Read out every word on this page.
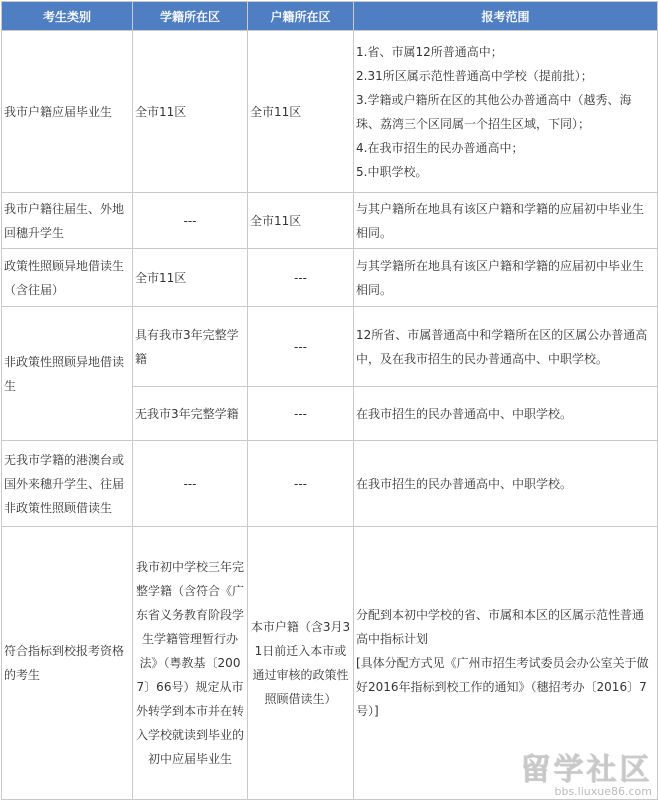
考生类别	学籍所在区	户籍所在区	报考范围
我市户籍应届毕业生	全市11区	全市11区	1.省、市属12所普通高中；
2.31所区属示范性普通高中学校（提前批）；
3.学籍或户籍所在区的其他公办普通高中（越秀、海珠、荔湾三个区同属一个招生区域，下同）；
4.在我市招生的民办普通高中；
5.中职学校。

我市户籍往届生、外地回穗升学生	---	全市11区	与其户籍所在地具有该区户籍和学籍的应届初中毕业生相同。
政策性照顾异地借读生（含往届）	全市11区	---	与其学籍所在地具有该区户籍和学籍的应届初中毕业生相同。
非政策性照顾异地借读生	具有我市3年完整学籍	---	12所省、市属普通高中和学籍所在区的区属公办普通高中，及在我市招生的民办普通高中、中职学校。
	无我市3年完整学籍	---	在我市招生的民办普通高中、中职学校。
无我市学籍的港澳台或国外来穗升学生、往届非政策性照顾借读生	---	---	在我市招生的民办普通高中、中职学校。
符合指标到校报考资格的考生	我市初中学校三年完整学籍（含符合《广东省义务教育阶段学生学籍管理暂行办法》（粤教基〔2007〕66号）规定从市外转学到本市并在转入学校就读到毕业的初中应届毕业生	本市户籍（含3月31日前迁入本市或通过审核的政策性照顾借读生）	分配到本初中学校的省、市属和本区的区属示范性普通高中指标计划
[具体分配方式见《广州市招生考试委员会办公室关于做好2016年指标到校工作的通知》（穗招考办〔2016〕7号）]
留学社区
bbs.liuxue86.com
